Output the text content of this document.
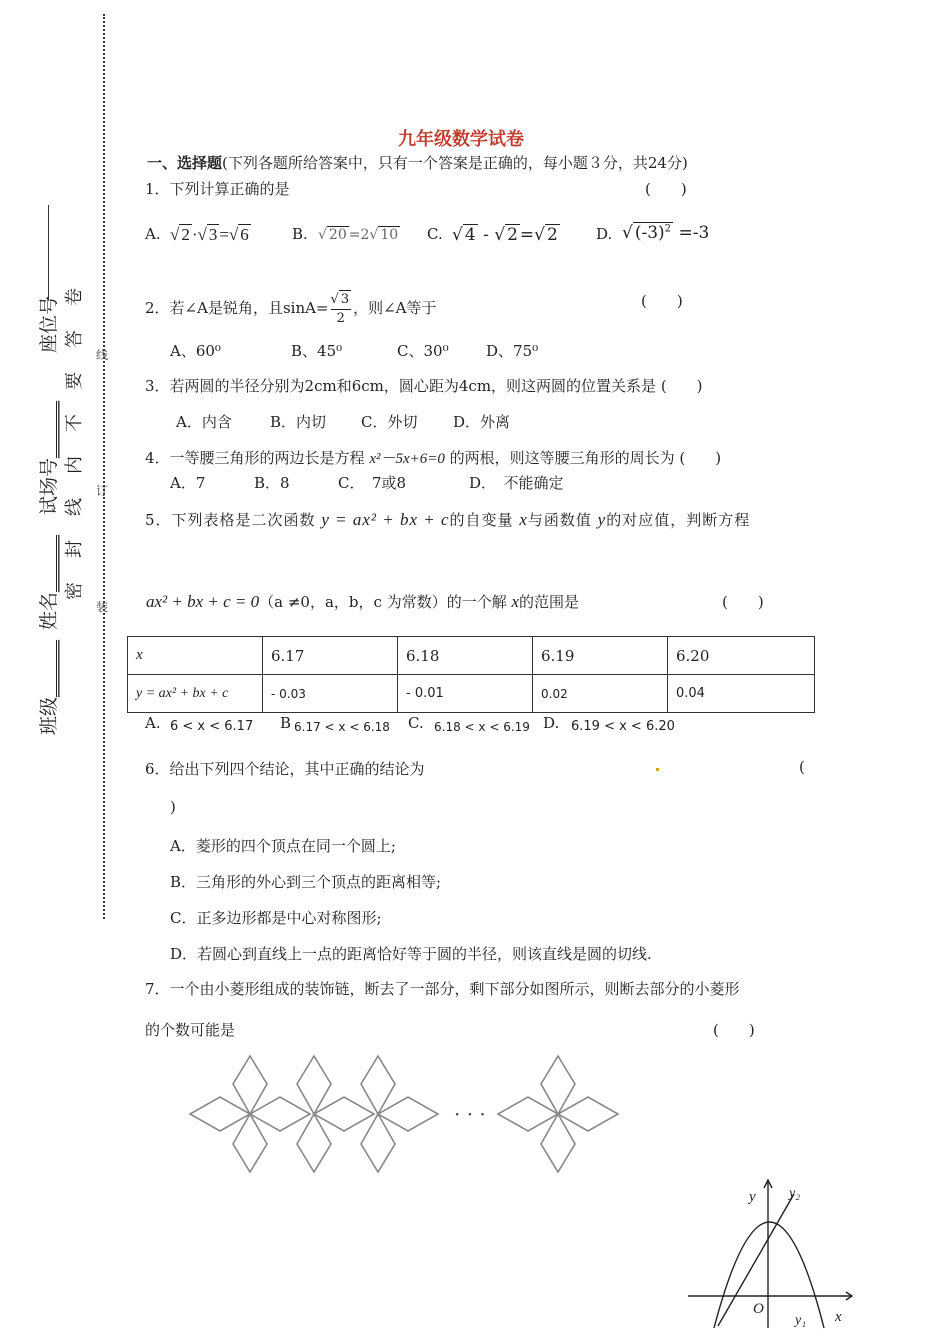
班级______
姓名______
试场号______
座位号 密封线内不要答卷
装
订
线
九年级数学试卷
一、选择题(下列各题所给答案中，只有一个答案是正确的，每小题３分，共24分)
1．下列计算正确的是	(　　)
A. √ 2 ·√ 3 =√ 6	B. √ 20 =2√ 10 C. √ 4 - √ 2 =√ 2	D. √ $(-3)^2 =-3$
2．若∠A是锐角，且$\sin A= \frac{√ 3}{2}$ ，则∠A等于	(　　)
A、60⁰	B、45⁰	C、30⁰ D、75⁰
3．若两圆的半径分别为2cm和6cm，圆心距为4cm，则这两圆的位置关系是 (　　)
A．内含	B．内切 C．外切 D．外离
4．一等腰三角形的两边长是方程 x²－5x+6=0 的两根，则这等腰三角形的周长为 (　　)
A．7	B．8	C．　7或8	D．　不能确定
5．下列表格是二次函数 y = ax² + bx + c的自变量 x与函数值 y的对应值，判断方程
ax² + bx + c = 0（a ≠0，a，b，c 为常数）的一个解 x的范围是	(　　)
x	6.17	6.18	6.19	6.20
y = ax² + bx + c	- 0.03	- 0.01	0.02	0.04
A. 6 < x < 6.17 B 6.17 < x < 6.18 C. 6.18 < x < 6.19 D. 6.19 < x < 6.20
6．给出下列四个结论，其中正确的结论为	(
)
A．菱形的四个顶点在同一个圆上;
B．三角形的外心到三个顶点的距离相等;
C．正多边形都是中心对称图形;
D．若圆心到直线上一点的距离恰好等于圆的半径，则该直线是圆的切线.
7．一个由小菱形组成的装饰链，断去了一部分，剩下部分如图所示，则断去部分的小菱形
的个数可能是	(　　)
· · ·
y y₂
O
y₁ x
